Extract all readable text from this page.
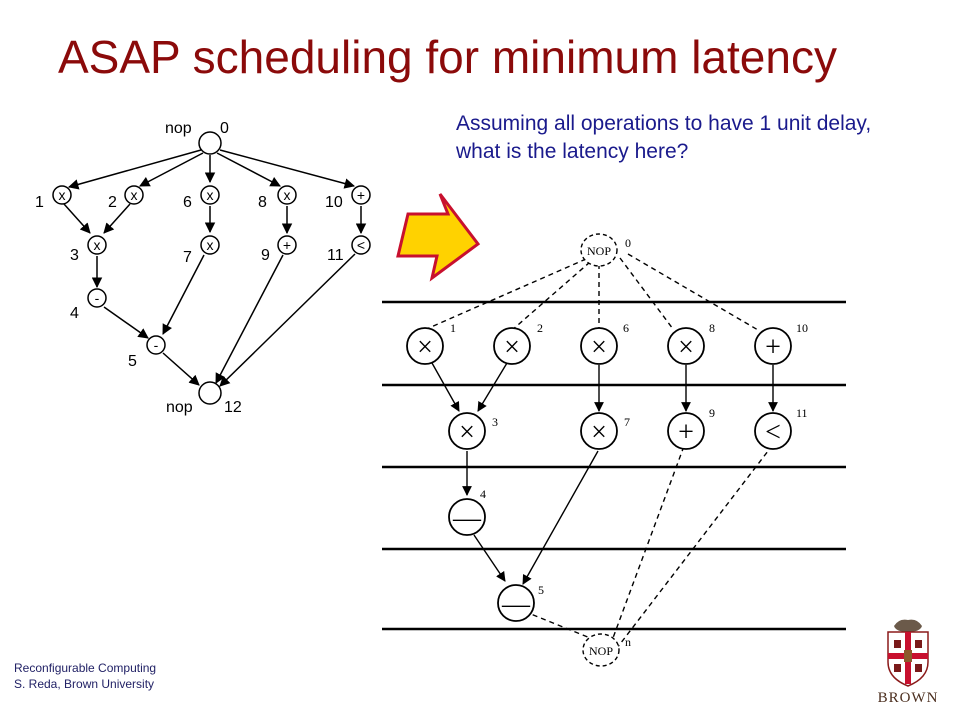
ASAP scheduling for minimum latency
Assuming all operations to have 1 unit delay, what is the latency here?
x	x	x	x	+
x	x	+	<
-
-
nop 0
nop 12
1	2	6	8	10
3	7	9	11
4
5	×	×	×	×	+
×	×	+	<
—
—
NOP
0
NOP
n
1	2	6	8	10
3	7
9	11
4
5
Reconfigurable Computing
S. Reda, Brown University
BROWN
